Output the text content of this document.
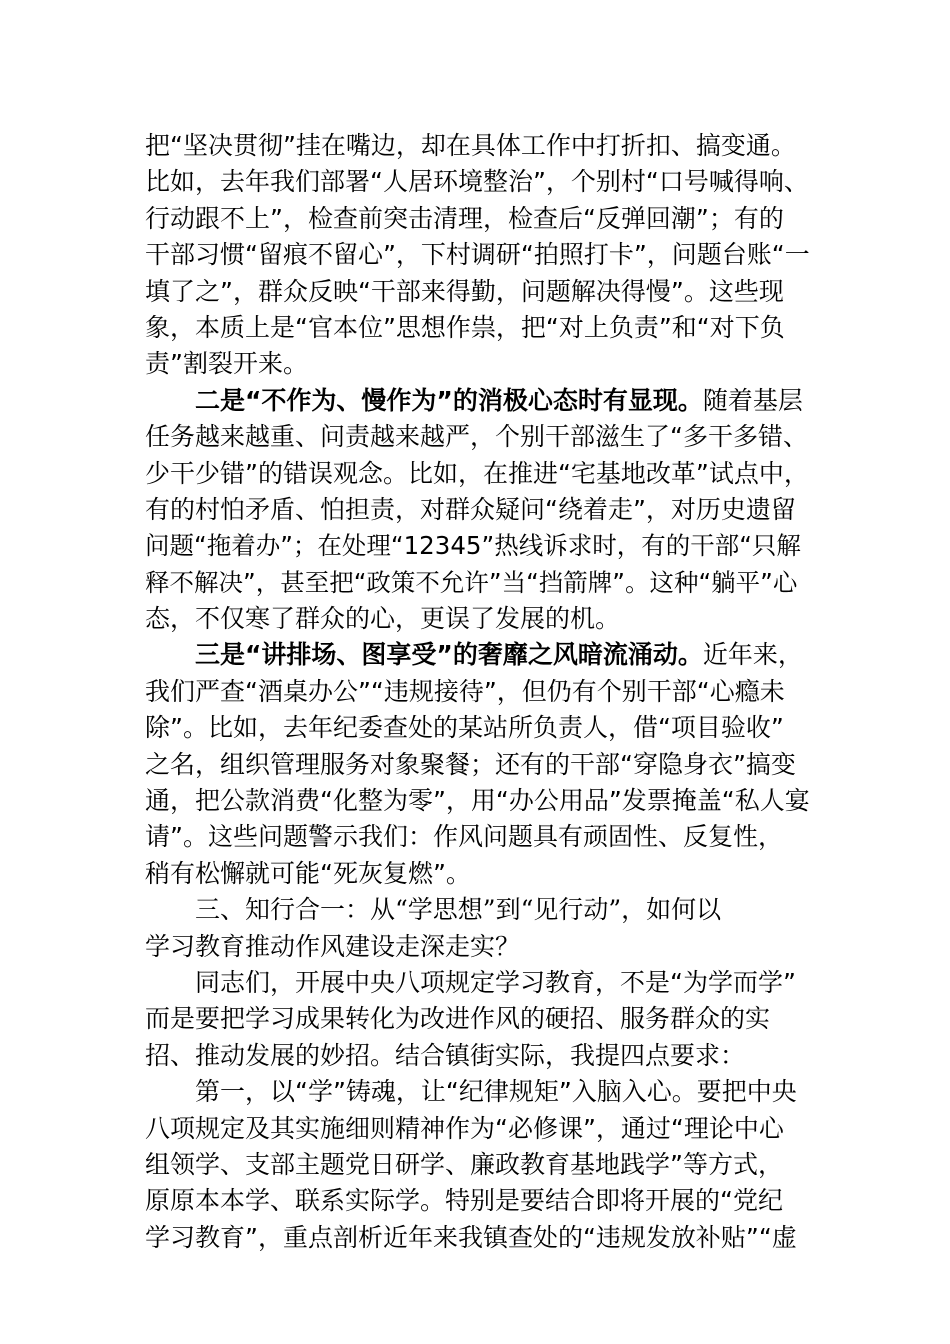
把“坚决贯彻”挂在嘴边，却在具体工作中打折扣、搞变通。
比如，去年我们部署“人居环境整治”，个别村“口号喊得响、
行动跟不上”，检查前突击清理，检查后“反弹回潮”；有的
干部习惯“留痕不留心”，下村调研“拍照打卡”，问题台账“一
填了之”，群众反映“干部来得勤，问题解决得慢”。这些现
象，本质上是“官本位”思想作祟，把“对上负责”和“对下负
责”割裂开来。
二是“不作为、慢作为”的消极心态时有显现。随着基层
任务越来越重、问责越来越严，个别干部滋生了“多干多错、
少干少错”的错误观念。比如，在推进“宅基地改革”试点中，
有的村怕矛盾、怕担责，对群众疑问“绕着走”，对历史遗留
问题“拖着办”；在处理“12345”热线诉求时，有的干部“只解
释不解决”，甚至把“政策不允许”当“挡箭牌”。这种“躺平”心
态，不仅寒了群众的心，更误了发展的机。
三是“讲排场、图享受”的奢靡之风暗流涌动。近年来，
我们严查“酒桌办公”“违规接待”，但仍有个别干部“心瘾未
除”。比如，去年纪委查处的某站所负责人，借“项目验收”
之名，组织管理服务对象聚餐；还有的干部“穿隐身衣”搞变
通，把公款消费“化整为零”，用“办公用品”发票掩盖“私人宴
请”。这些问题警示我们：作风问题具有顽固性、反复性，
稍有松懈就可能“死灰复燃”。
三、知行合一：从“学思想”到“见行动”，如何以
学习教育推动作风建设走深走实？
同志们，开展中央八项规定学习教育，不是“为学而学”
而是要把学习成果转化为改进作风的硬招、服务群众的实
招、推动发展的妙招。结合镇街实际，我提四点要求：
第一，以“学”铸魂，让“纪律规矩”入脑入心。要把中央
八项规定及其实施细则精神作为“必修课”，通过“理论中心
组领学、支部主题党日研学、廉政教育基地践学”等方式，
原原本本学、联系实际学。特别是要结合即将开展的“党纪
学习教育”，重点剖析近年来我镇查处的“违规发放补贴”“虚
